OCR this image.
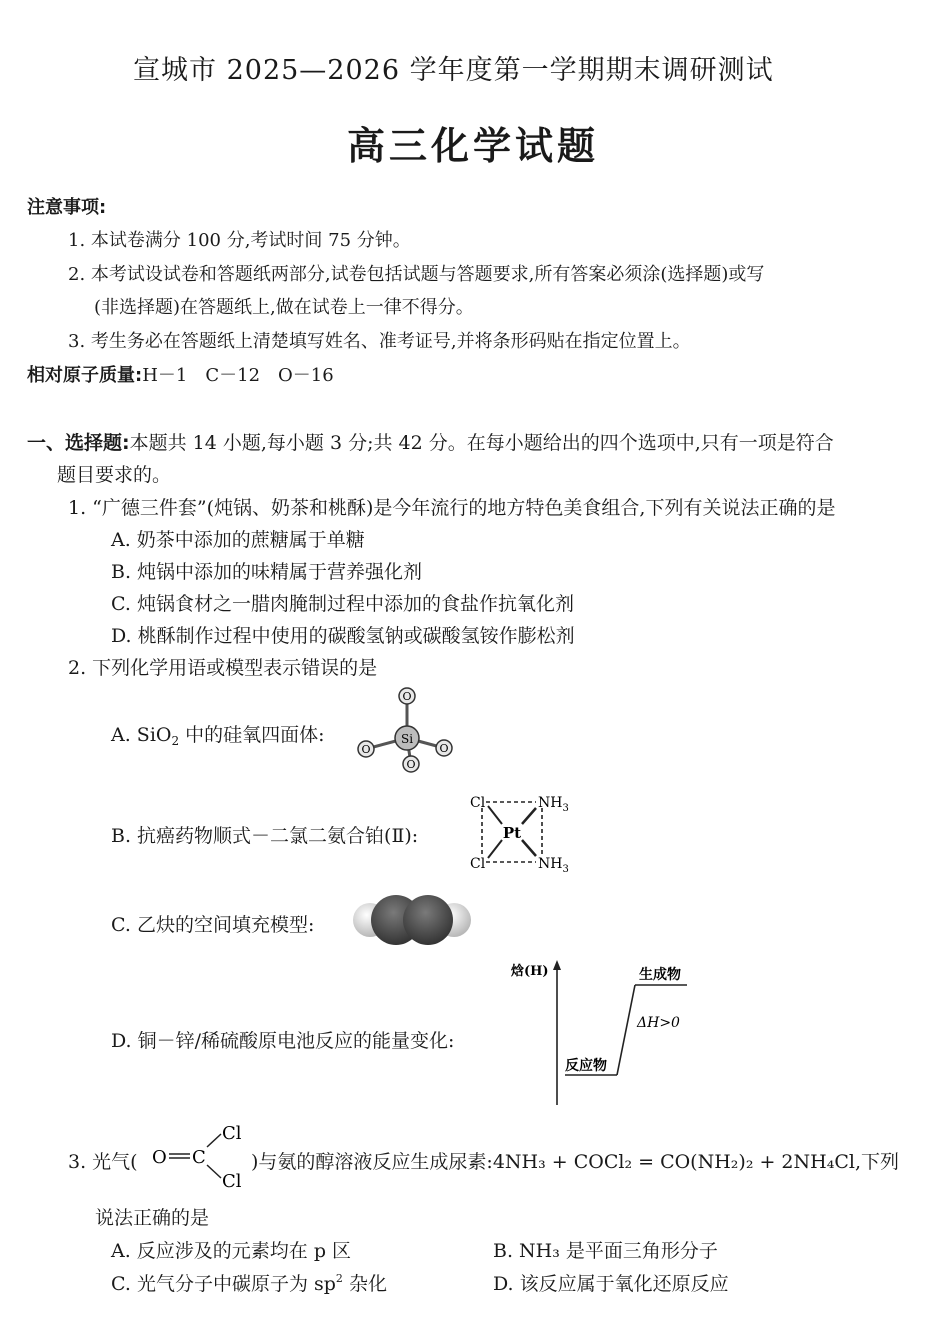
宣城市 2025—2026 学年度第一学期期末调研测试
高三化学试题
注意事项:
1. 本试卷满分 100 分,考试时间 75 分钟。
2. 本考试设试卷和答题纸两部分,试卷包括试题与答题要求,所有答案必须涂(选择题)或写
(非选择题)在答题纸上,做在试卷上一律不得分。
3. 考生务必在答题纸上清楚填写姓名、准考证号,并将条形码贴在指定位置上。
相对原子质量:H－1　C－12　O－16
一、选择题:本题共 14 小题,每小题 3 分;共 42 分。在每小题给出的四个选项中,只有一项是符合
题目要求的。
1. “广德三件套”(炖锅、奶茶和桃酥)是今年流行的地方特色美食组合,下列有关说法正确的是
A. 奶茶中添加的蔗糖属于单糖
B. 炖锅中添加的味精属于营养强化剂
C. 炖锅食材之一腊肉腌制过程中添加的食盐作抗氧化剂
D. 桃酥制作过程中使用的碳酸氢钠或碳酸氢铵作膨松剂
2. 下列化学用语或模型表示错误的是
A. SiO$_2$ 中的硅氧四面体:	Si
O
O	O
O
B. 抗癌药物顺式－二氯二氨合铂(Ⅱ):	Pt
Cl
Cl
$NH_3$
$NH_3$
C. 乙炔的空间填充模型:
D. 铜－锌/稀硫酸原电池反应的能量变化:
焓(H)
反应物
生成物
ΔH>0
3. 光气( O C
Cl
Cl
)与氨的醇溶液反应生成尿素:4NH₃ + COCl₂ = CO(NH₂)₂ + 2NH₄Cl,下列
说法正确的是
A. 反应涉及的元素均在 p 区	B. NH₃ 是平面三角形分子
C. 光气分子中碳原子为 $sp^2$ 杂化	D. 该反应属于氧化还原反应
